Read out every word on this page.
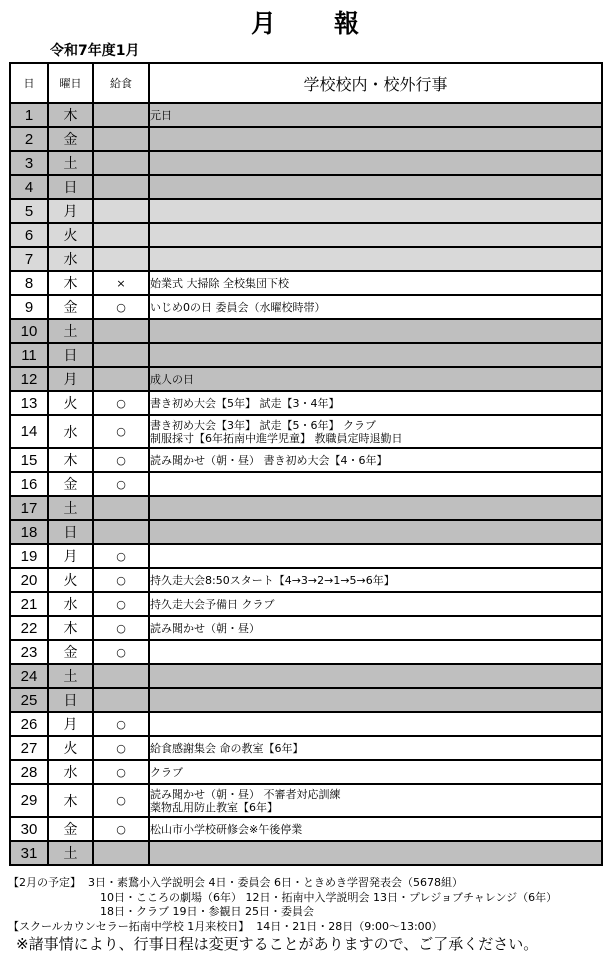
月 報
令和7年度1月
日	曜日	給食	学校校内・校外行事
1	木		元日

2	金		

3	土		

4	日		

5	月		

6	火		

7	水		

8	木	×	始業式 大掃除 全校集団下校

9	金	○	いじめ0の日 委員会（水曜校時帯）

10	土		

11	日		

12	月		成人の日

13	火	○	書き初め大会【5年】 試走【3・4年】

14	水	○	書き初め大会【3年】 試走【5・6年】 クラブ
制服採寸【6年拓南中進学児童】 教職員定時退勤日

15	木	○	読み聞かせ（朝・昼） 書き初め大会【4・6年】

16	金	○	

17	土		

18	日		

19	月	○	

20	火	○	持久走大会8:50スタート【4→3→2→1→5→6年】

21	水	○	持久走大会予備日 クラブ

22	木	○	読み聞かせ（朝・昼）

23	金	○	

24	土		

25	日		

26	月	○	

27	火	○	給食感謝集会 命の教室【6年】

28	水	○	クラブ

29	木	○	読み聞かせ（朝・昼） 不審者対応訓練
薬物乱用防止教室【6年】

30	金	○	松山市小学校研修会※午後停業

31	土		
【2月の予定】 3日・素鵞小入学説明会 4日・委員会 6日・ときめき学習発表会（5678組）
10日・こころの劇場（6年） 12日・拓南中入学説明会 13日・プレジョブチャレンジ（6年）
18日・クラブ 19日・参観日 25日・委員会
【スクールカウンセラー拓南中学校 1月来校日】 14日・21日・28日（9:00～13:00）
※諸事情により、行事日程は変更することがありますので、ご了承ください。
